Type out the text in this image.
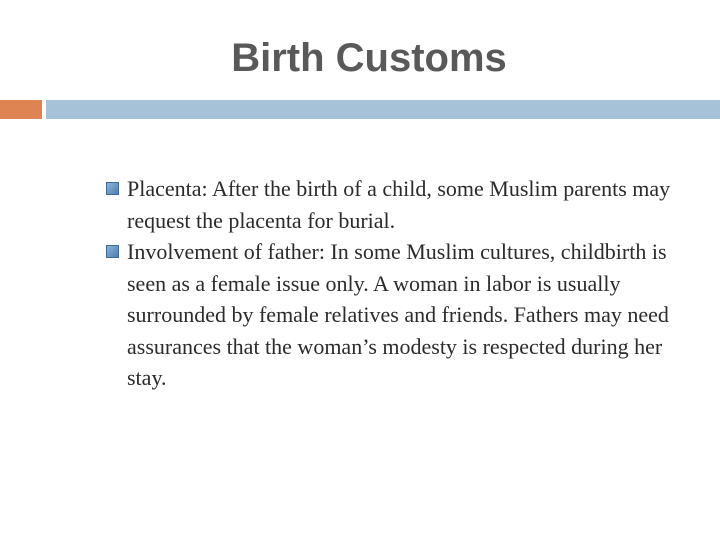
Birth Customs
Placenta: After the birth of a child, some Muslim parents may request the placenta for burial.
Involvement of father: In some Muslim cultures, childbirth is seen as a female issue only. A woman in labor is usually surrounded by female relatives and friends. Fathers may need assurances that the woman’s modesty is respected during her stay.
